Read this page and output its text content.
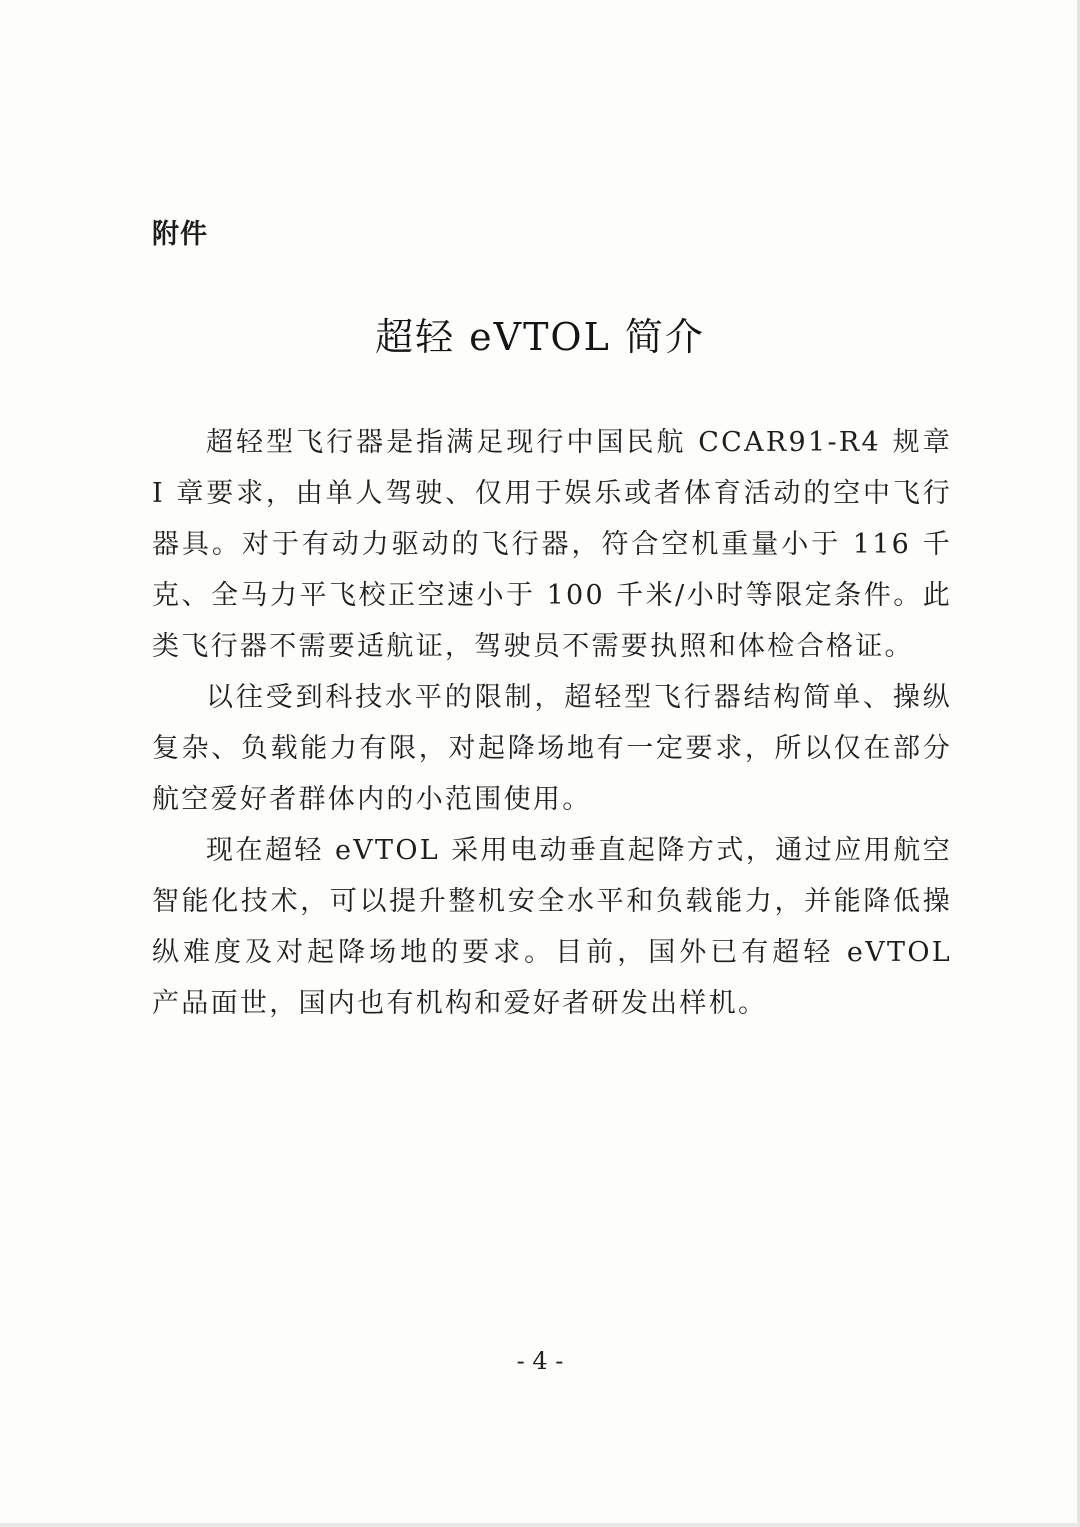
附件
超轻 eVTOL 简介

超轻型飞行器是指满足现行中国民航 CCAR91-R4 规章 I 章要求，由单人驾驶、仅用于娱乐或者体育活动的空中飞行器具。对于有动力驱动的飞行器，符合空机重量小于 116 千克、全马力平飞校正空速小于 100 千米/小时等限定条件。此类飞行器不需要适航证，驾驶员不需要执照和体检合格证。

以往受到科技水平的限制，超轻型飞行器结构简单、操纵复杂、负载能力有限，对起降场地有一定要求，所以仅在部分航空爱好者群体内的小范围使用。

现在超轻 eVTOL 采用电动垂直起降方式，通过应用航空智能化技术，可以提升整机安全水平和负载能力，并能降低操纵难度及对起降场地的要求。目前，国外已有超轻 eVTOL 产品面世，国内也有机构和爱好者研发出样机。

- 4 -
